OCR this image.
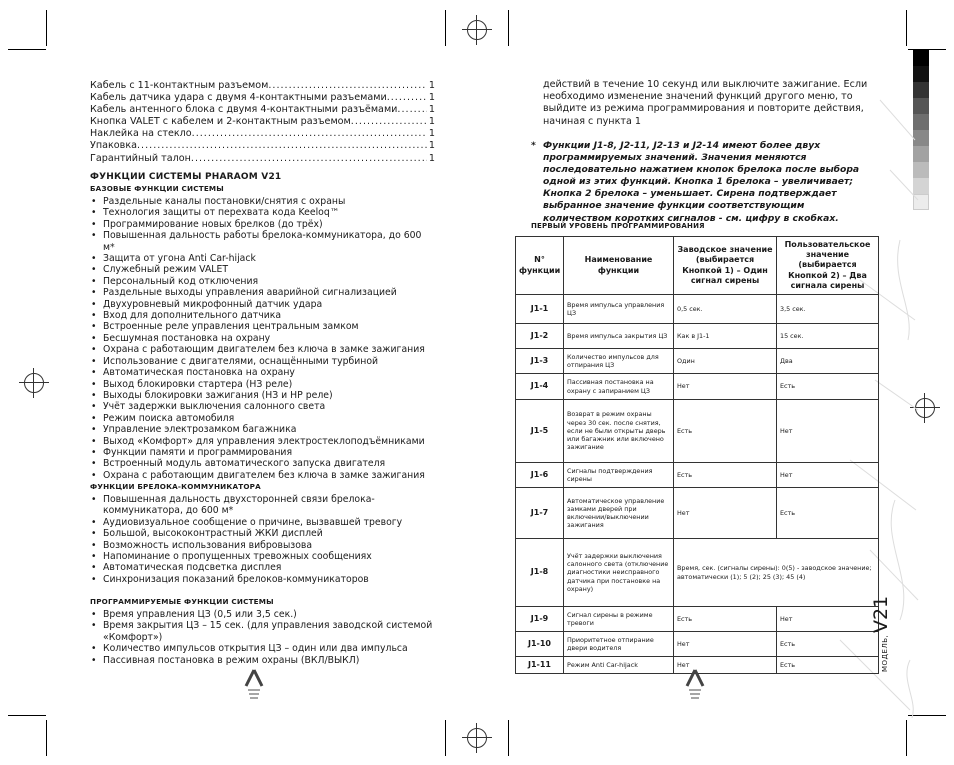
Кабель с 11-контактным разъемом .....	1
Кабель датчика удара с двумя 4-контактными разъемами .....	1
Кабель антенного блока с двумя 4-контактными разъёмами .....	1
Кнопка VALET с кабелем и 2-контактным разъемом .....	1
Наклейка на стекло .....	1
Упаковка .....	1
Гарантийный талон .....	1
ФУНКЦИИ СИСТЕМЫ PHARAOM V21
БАЗОВЫЕ ФУНКЦИИ СИСТЕМЫ
• Раздельные каналы постановки/снятия с охраны
• Технология защиты от перехвата кода Keeloq™
• Программирование новых брелков (до трёх)
• Повышенная дальность работы брелока-коммуникатора, до 600 м*
• Защита от угона Anti Car-hijack
• Служебный режим VALET
• Персональный код отключения
• Раздельные выходы управления аварийной сигнализацией
• Двухуровневый микрофонный датчик удара
• Вход для дополнительного датчика
• Встроенные реле управления центральным замком
• Бесшумная постановка на охрану
• Охрана с работающим двигателем без ключа в замке зажигания
• Использование с двигателями, оснащёнными турбиной
• Автоматическая постановка на охрану
• Выход блокировки стартера (НЗ реле)
• Выходы блокировки зажигания (НЗ и НР реле)
• Учёт задержки выключения салонного света
• Режим поиска автомобиля
• Управление электрозамком багажника
• Выход «Комфорт» для управления электростеклоподъёмниками
• Функции памяти и программирования
• Встроенный модуль автоматического запуска двигателя
• Охрана с работающим двигателем без ключа в замке зажигания
ФУНКЦИИ БРЕЛОКА-КОММУНИКАТОРА
• Повышенная дальность двухсторонней связи брелока-коммуникатора, до 600 м*
• Аудиовизуальное сообщение о причине, вызвавшей тревогу
• Большой, высококонтрастный ЖКИ дисплей
• Возможность использования вибровызова
• Напоминание о пропущенных тревожных сообщениях
• Автоматическая подсветка дисплея
• Синхронизация показаний брелоков-коммуникаторов
ПРОГРАММИРУЕМЫЕ ФУНКЦИИ СИСТЕМЫ
• Время управления ЦЗ (0,5 или 3,5 сек.)
• Время закрытия ЦЗ – 15 сек. (для управления заводской системой «Комфорт»)
• Количество импульсов открытия ЦЗ – один или два импульса
• Пассивная постановка в режим охраны (ВКЛ/ВЫКЛ)
действий в течение 10 секунд или выключите зажигание. Если необходимо изменение значений функций другого меню, то выйдите из режима программирования и повторите действия, начиная с пункта 1
* Функции J1-8, J2-11, J2-13 и J2-14 имеют более двух программируемых значений. Значения меняются последовательно нажатием кнопок брелока после выбора одной из этих функций. Кнопка 1 брелока – увеличивает; Кнопка 2 брелока – уменьшает. Сирена подтверждает выбранное значение функции соответствующим количеством коротких сигналов - см. цифру в скобках.
ПЕРВЫЙ УРОВЕНЬ ПРОГРАММИРОВАНИЯ
N° функции	Наименование функции	Заводское значение (выбирается Кнопкой 1) – Один сигнал сирены	Пользовательское значение (выбирается Кнопкой 2) – Два сигнала сирены
J1-1	Время импульса управления ЦЗ	0,5 сек.	3,5 сек.
J1-2	Время импульса закрытия ЦЗ	Как в J1-1	15 сек.
J1-3	Количество импульсов для отпирания ЦЗ	Один	Два
J1-4	Пассивная постановка на охрану с запиранием ЦЗ	Нет	Есть
J1-5	Возврат в режим охраны через 30 сек. после снятия, если не были открыты дверь или багажник или включено зажигание	Есть	Нет
J1-6	Сигналы подтверждения сирены	Есть	Нет
J1-7	Автоматическое управление замками дверей при включении/выключении зажигания	Нет	Есть
J1-8	Учёт задержки выключения салонного света (отключение диагностики неисправного датчика при постановке на охрану)	Время, сек. (сигналы сирены): 0(5) - заводское значение; автоматически (1); 5 (2); 25 (3); 45 (4)	
J1-9	Сигнал сирены в режиме тревоги	Есть	Нет
J1-10	Приоритетное отпирание двери водителя	Нет	Есть
J1-11	Режим Anti Car-hijack	Нет	Есть	МОДЕЛЬ, V21
